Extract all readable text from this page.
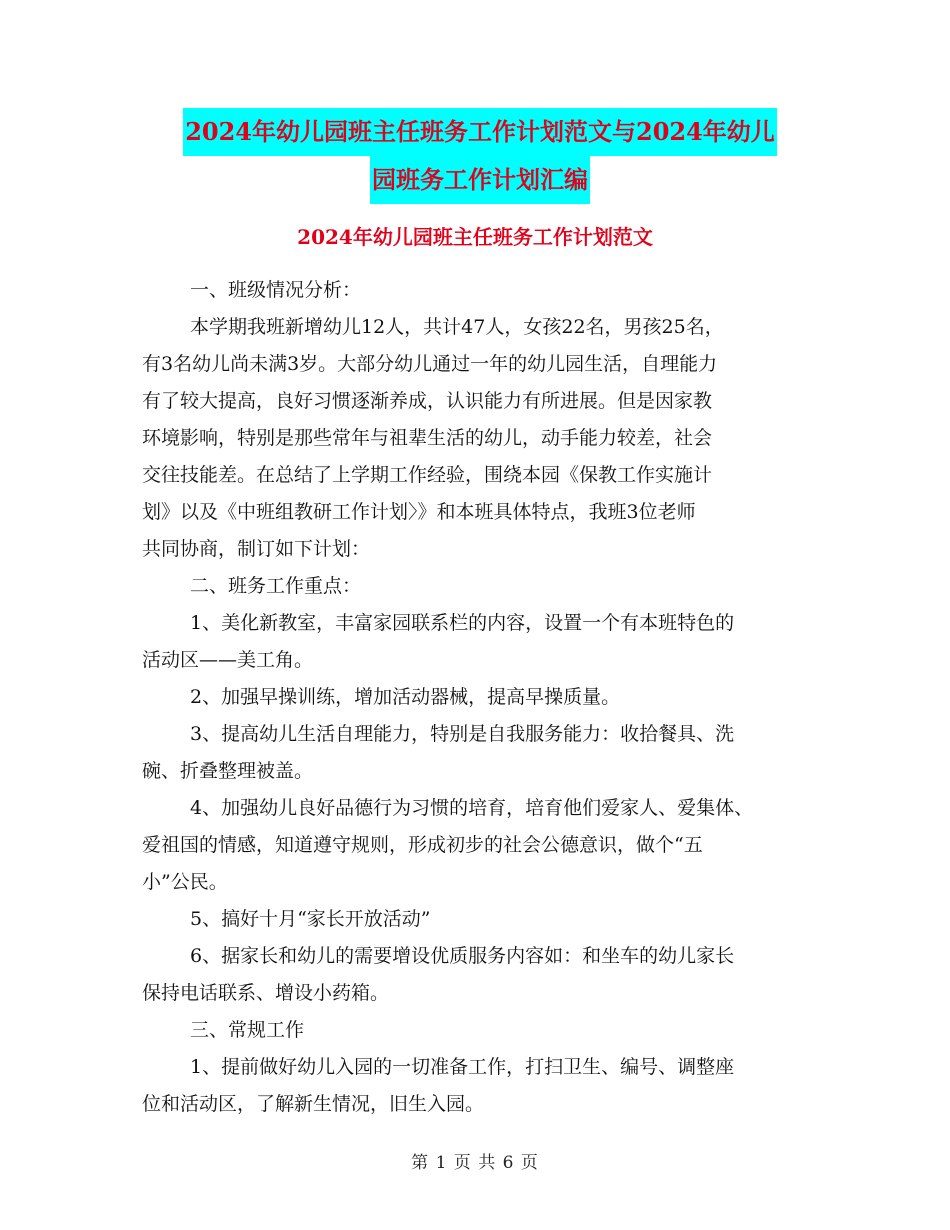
2024年幼儿园班主任班务工作计划范文与2024年幼儿
园班务工作计划汇编
2024年幼儿园班主任班务工作计划范文
一、班级情况分析：
本学期我班新增幼儿12人，共计47人，女孩22名，男孩25名，
有3名幼儿尚未满3岁。大部分幼儿通过一年的幼儿园生活，自理能力
有了较大提高，良好习惯逐渐养成，认识能力有所进展。但是因家教
环境影响，特别是那些常年与祖辈生活的幼儿，动手能力较差，社会
交往技能差。在总结了上学期工作经验，围绕本园《保教工作实施计
划》以及《中班组教研工作计划〉》和本班具体特点，我班3位老师
共同协商，制订如下计划：
二、班务工作重点：
1、美化新教室，丰富家园联系栏的内容，设置一个有本班特色的
活动区——美工角。
2、加强早操训练，增加活动器械，提高早操质量。
3、提高幼儿生活自理能力，特别是自我服务能力：收拾餐具、洗
碗、折叠整理被盖。
4、加强幼儿良好品德行为习惯的培育，培育他们爱家人、爱集体、
爱祖国的情感，知道遵守规则，形成初步的社会公德意识，做个“五
小”公民。
5、搞好十月“家长开放活动”
6、据家长和幼儿的需要增设优质服务内容如：和坐车的幼儿家长
保持电话联系、增设小药箱。
三、常规工作
1、提前做好幼儿入园的一切准备工作，打扫卫生、编号、调整座
位和活动区，了解新生情况，旧生入园。
第 1 页 共 6 页
